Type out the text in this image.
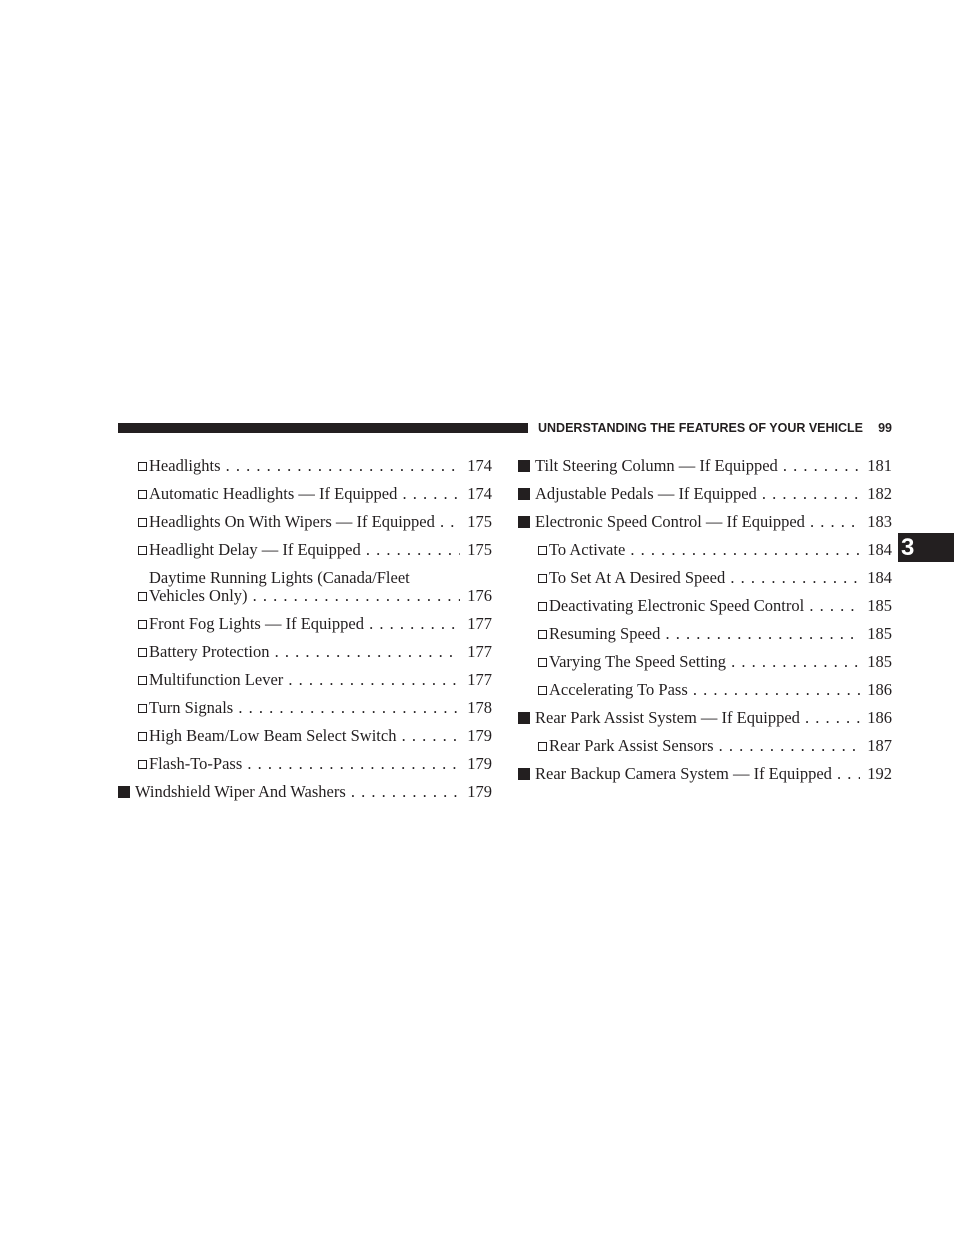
UNDERSTANDING THE FEATURES OF YOUR VEHICLE 99
3
Headlights . . .	174
Automatic Headlights — If Equipped . . .	174
Headlights On With Wipers — If Equipped . . .	175
Headlight Delay — If Equipped . . .	175
Daytime Running Lights (Canada/Fleet
Vehicles Only) . . .	176
Front Fog Lights — If Equipped . . .	177
Battery Protection . . .	177
Multifunction Lever . . .	177
Turn Signals . . .	178
High Beam/Low Beam Select Switch . . .	179
Flash-To-Pass . . .	179
Windshield Wiper And Washers . . .	179
Tilt Steering Column — If Equipped . . .	181
Adjustable Pedals — If Equipped . . .	182
Electronic Speed Control — If Equipped . . .	183
To Activate . . .	184
To Set At A Desired Speed . . .	184
Deactivating Electronic Speed Control . . .	185
Resuming Speed . . .	185
Varying The Speed Setting . . .	185
Accelerating To Pass . . .	186
Rear Park Assist System — If Equipped . . .	186
Rear Park Assist Sensors . . .	187
Rear Backup Camera System — If Equipped . . .	192
